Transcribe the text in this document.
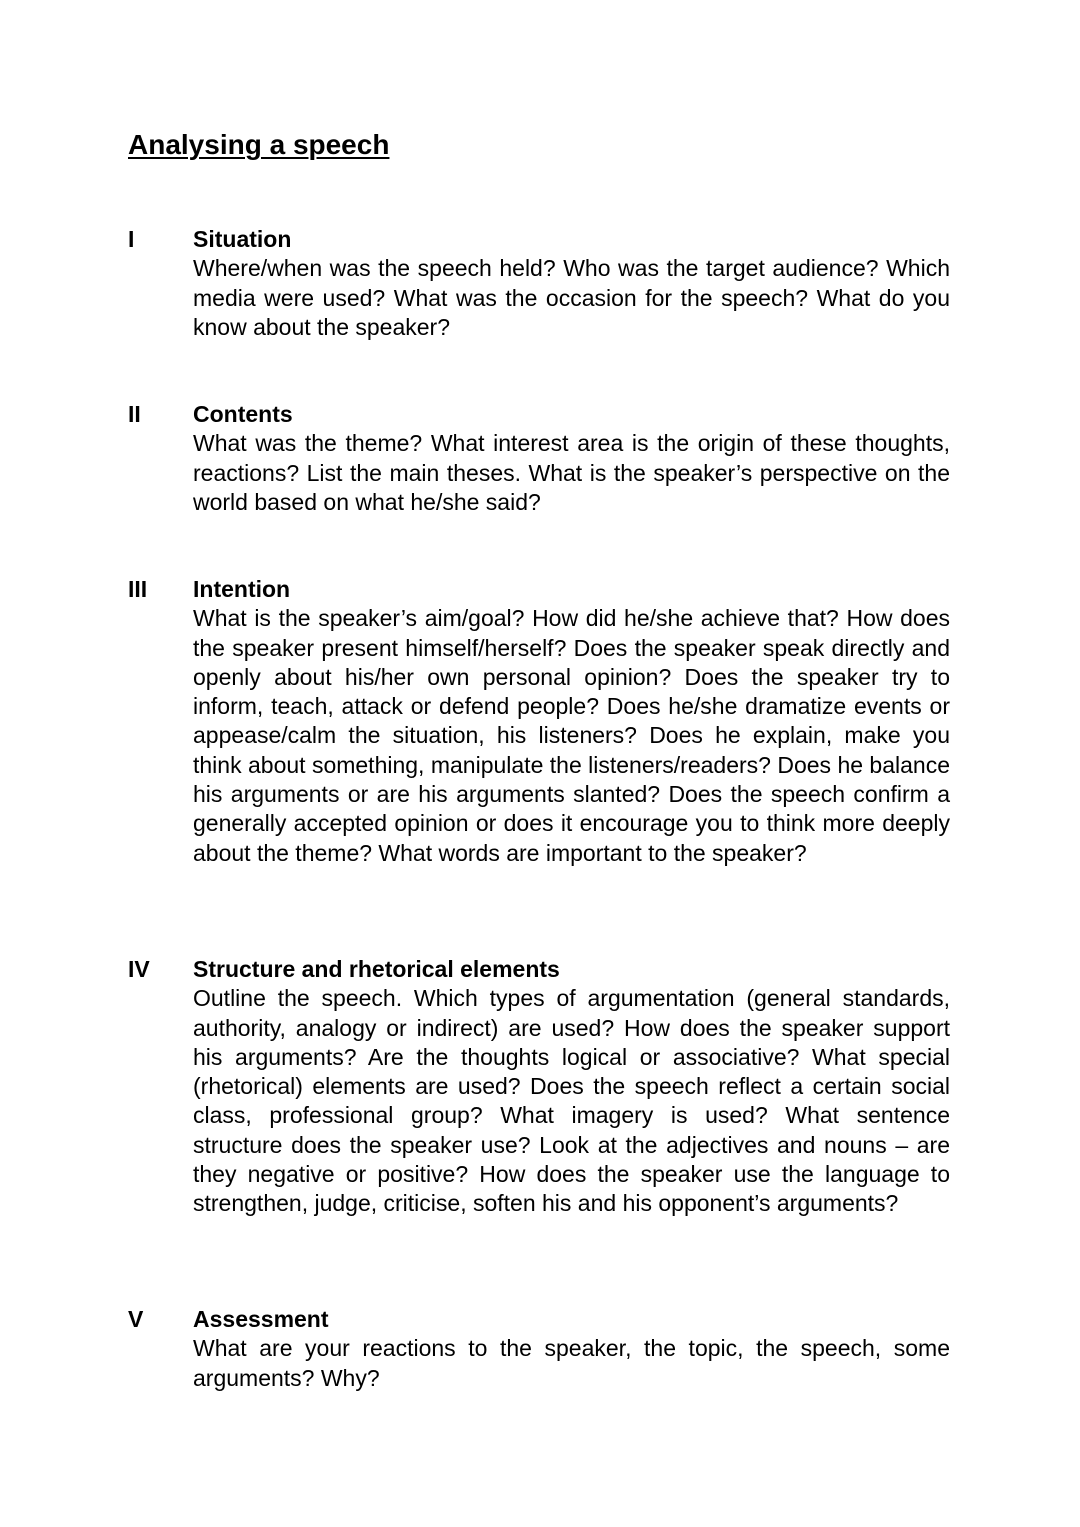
Analysing a speech
I	Situation

Where/when was the speech held? Who was the target audience? Which media were used? What was the occasion for the speech? What do you know about the speaker?

II Contents

What was the theme? What interest area is the origin of these thoughts, reactions? List the main theses. What is the speaker’s perspective on the world based on what he/she said?

III Intention

What is the speaker’s aim/goal? How did he/she achieve that? How does the speaker present himself/herself? Does the speaker speak directly and openly about his/her own personal opinion? Does the speaker try to inform, teach, attack or defend people? Does he/she dramatize events or appease/calm the situation, his listeners? Does he explain, make you think about something, manipulate the listeners/readers? Does he balance his arguments or are his arguments slanted? Does the speech confirm a generally accepted opinion or does it encourage you to think more deeply about the theme? What words are important to the speaker?

IV Structure and rhetorical elements

Outline the speech. Which types of argumentation (general standards, authority, analogy or indirect) are used? How does the speaker support his arguments? Are the thoughts logical or associative? What special (rhetorical) elements are used? Does the speech reflect a certain social class, professional group? What imagery is used? What sentence structure does the speaker use? Look at the adjectives and nouns – are they negative or positive? How does the speaker use the language to strengthen, judge, criticise, soften his and his opponent’s arguments?

V Assessment

What are your reactions to the speaker, the topic, the speech, some arguments? Why?
